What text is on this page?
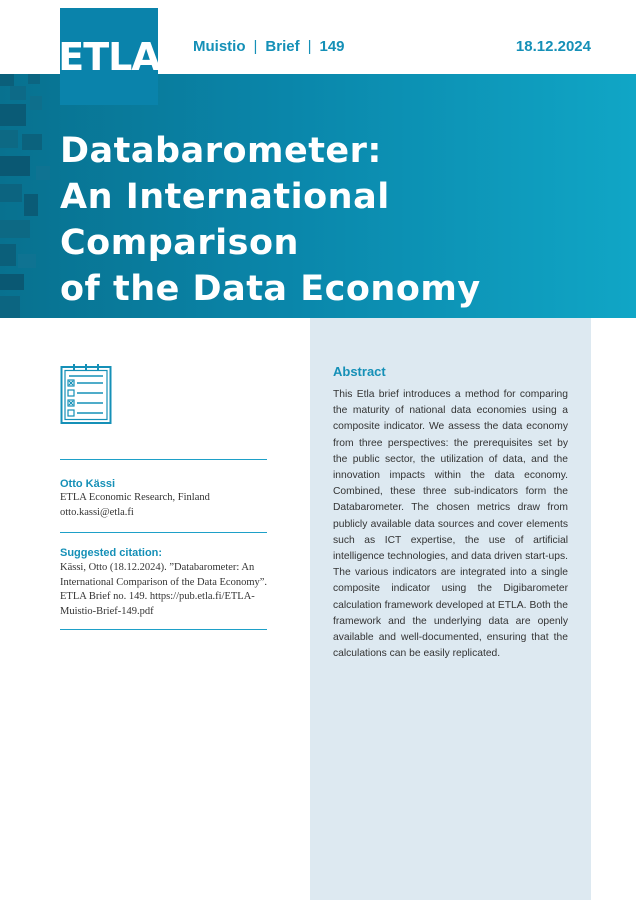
ETLA Muistio | Brief | 149	18.12.2024
Databarometer:
An International Comparison
of the Data Economy
Abstract
This Etla brief introduces a method for comparing the maturity of national data economies using a composite indicator. We assess the data economy from three perspectives: the prerequisites set by the public sector, the utilization of data, and the innovation impacts within the data economy. Combined, these three sub-indicators form the Databarometer. The chosen metrics draw from publicly available data sources and cover elements such as ICT expertise, the use of artificial intelligence technologies, and data driven start-ups. The various indicators are integrated into a single composite indicator using the Digibarometer calculation framework developed at ETLA. Both the framework and the underlying data are openly available and well-documented, ensuring that the calculations can be easily replicated.
Otto Kässi
ETLA Economic Research, Finland
otto.kassi@etla.fi
Suggested citation:
Kässi, Otto (18.12.2024). ”Databarometer: An International Comparison of the Data Economy”. ETLA Brief no. 149. https://pub.etla.fi/ETLA-Muistio-Brief-149.pdf
